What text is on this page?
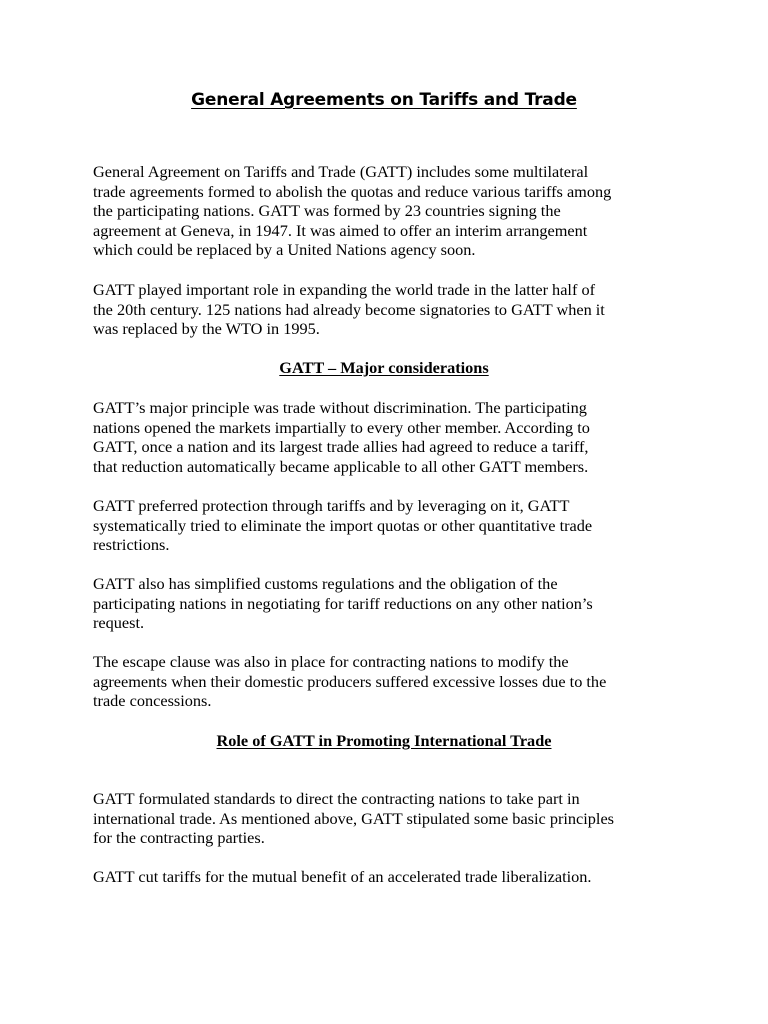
General Agreements on Tariffs and Trade

General Agreement on Tariffs and Trade (GATT) includes some multilateral
trade agreements formed to abolish the quotas and reduce various tariffs among
the participating nations. GATT was formed by 23 countries signing the
agreement at Geneva, in 1947. It was aimed to offer an interim arrangement
which could be replaced by a United Nations agency soon.

GATT played important role in expanding the world trade in the latter half of
the 20th century. 125 nations had already become signatories to GATT when it
was replaced by the WTO in 1995.

GATT – Major considerations

GATT’s major principle was trade without discrimination. The participating
nations opened the markets impartially to every other member. According to
GATT, once a nation and its largest trade allies had agreed to reduce a tariff,
that reduction automatically became applicable to all other GATT members.

GATT preferred protection through tariffs and by leveraging on it, GATT
systematically tried to eliminate the import quotas or other quantitative trade
restrictions.

GATT also has simplified customs regulations and the obligation of the
participating nations in negotiating for tariff reductions on any other nation’s
request.

The escape clause was also in place for contracting nations to modify the
agreements when their domestic producers suffered excessive losses due to the
trade concessions.

Role of GATT in Promoting International Trade

GATT formulated standards to direct the contracting nations to take part in
international trade. As mentioned above, GATT stipulated some basic principles
for the contracting parties.

GATT cut tariffs for the mutual benefit of an accelerated trade liberalization.
